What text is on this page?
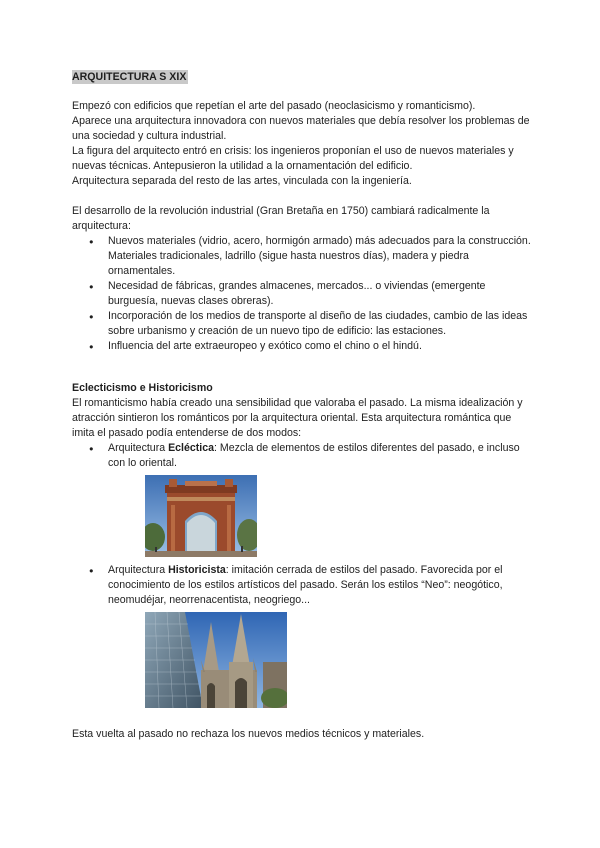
ARQUITECTURA S XIX

Empezó con edificios que repetían el arte del pasado (neoclasicismo y romanticismo).

Aparece una arquitectura innovadora con nuevos materiales que debía resolver los problemas de una sociedad y cultura industrial.

La figura del arquitecto entró en crisis: los ingenieros proponían el uso de nuevos materiales y nuevas técnicas. Antepusieron la utilidad a la ornamentación del edificio.

Arquitectura separada del resto de las artes, vinculada con la ingeniería.

El desarrollo de la revolución industrial (Gran Bretaña en 1750) cambiará radicalmente la arquitectura:

● Nuevos materiales (vidrio, acero, hormigón armado) más adecuados para la construcción. Materiales tradicionales, ladrillo (sigue hasta nuestros días), madera y piedra ornamentales.
● Necesidad de fábricas, grandes almacenes, mercados... o viviendas (emergente burguesía, nuevas clases obreras).
● Incorporación de los medios de transporte al diseño de las ciudades, cambio de las ideas sobre urbanismo y creación de un nuevo tipo de edificio: las estaciones.
● Influencia del arte extraeuropeo y exótico como el chino o el hindú.

Eclecticismo e Historicismo

El romanticismo había creado una sensibilidad que valoraba el pasado. La misma idealización y atracción sintieron los románticos por la arquitectura oriental. Esta arquitectura romántica que imita el pasado podía entenderse de dos modos:

● Arquitectura Ecléctica: Mezcla de elementos de estilos diferentes del pasado, e incluso con lo oriental.
● Arquitectura Historicista: imitación cerrada de estilos del pasado. Favorecida por el conocimiento de los estilos artísticos del pasado. Serán los estilos “Neo”: neogótico, neomudéjar, neorrenacentista, neogriego...

Esta vuelta al pasado no rechaza los nuevos medios técnicos y materiales.
